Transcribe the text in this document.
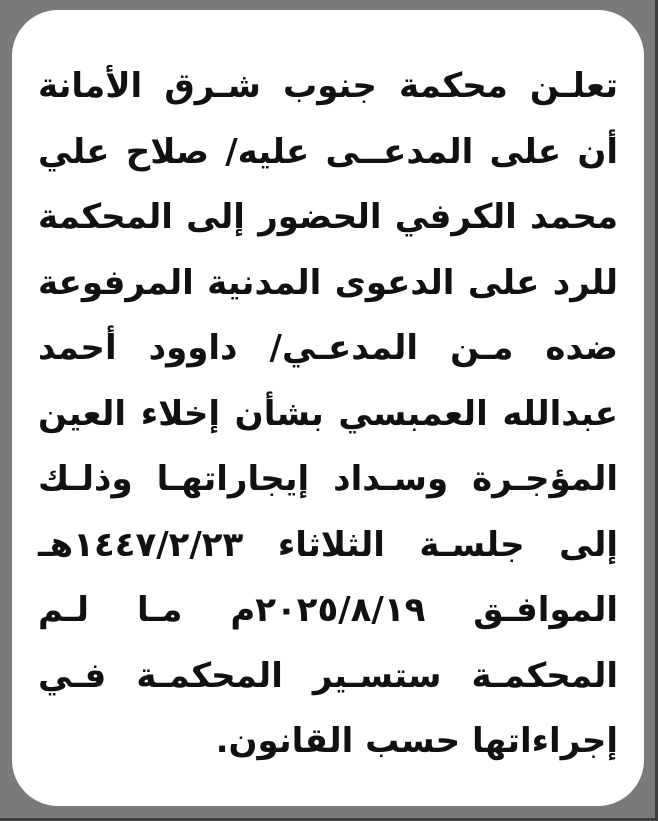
تعلـن محكمة جنوب شـرق الأمانة
أن على المدعــى عليه/ صلاح علي
محمد الكرفي الحضور إلى المحكمة
للرد على الدعوى المدنية المرفوعة
ضده مـن المدعـي/ داوود أحمد
عبدالله العمبسي بشأن إخلاء العين
المؤجـرة وسـداد إيجاراتهـا وذلـك
إلى جلسـة الثلاثاء ١٤٤٧/٢/٢٣هـ
الموافـق ٢٠٢٥/٨/١٩م مـا لـم
المحكمـة ستسـير المحكمـة فـي
إجراءاتها حسب القانون.
